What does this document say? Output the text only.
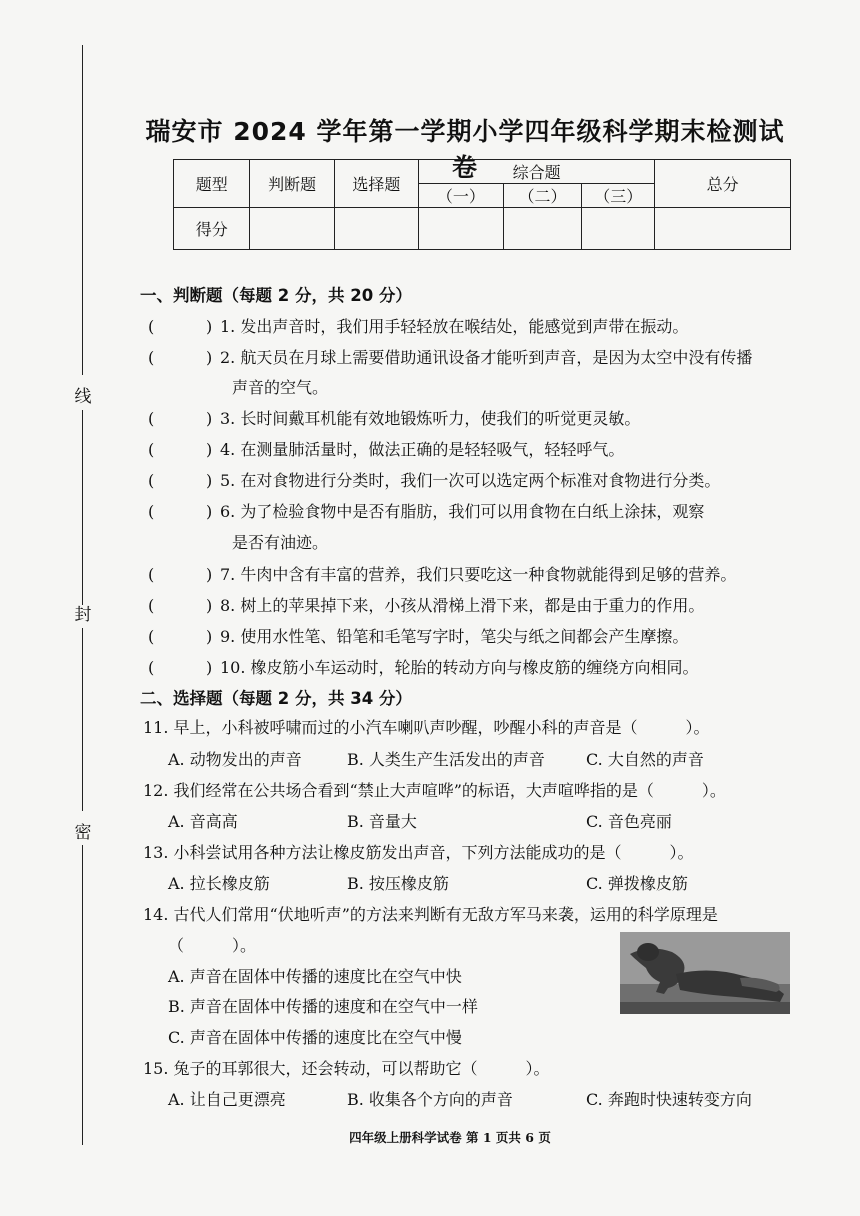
线
封
密
瑞安市 2024 学年第一学期小学四年级科学期末检测试卷
题型	判断题	选择题	综合题			总分
			（一）	（二）	（三）	
得分						
一、判断题（每题 2 分，共 20 分）
(	) 1. 发出声音时，我们用手轻轻放在喉结处，能感觉到声带在振动。
(	) 2. 航天员在月球上需要借助通讯设备才能听到声音，是因为太空中没有传播
声音的空气。
(	) 3. 长时间戴耳机能有效地锻炼听力，使我们的听觉更灵敏。
(	) 4. 在测量肺活量时，做法正确的是轻轻吸气，轻轻呼气。
(	) 5. 在对食物进行分类时，我们一次可以选定两个标准对食物进行分类。
(	) 6. 为了检验食物中是否有脂肪，我们可以用食物在白纸上涂抹，观察
是否有油迹。
(	) 7. 牛肉中含有丰富的营养，我们只要吃这一种食物就能得到足够的营养。
(	) 8. 树上的苹果掉下来，小孩从滑梯上滑下来，都是由于重力的作用。
(	) 9. 使用水性笔、铅笔和毛笔写字时，笔尖与纸之间都会产生摩擦。
(	) 10. 橡皮筋小车运动时，轮胎的转动方向与橡皮筋的缠绕方向相同。
二、选择题（每题 2 分，共 34 分）
11. 早上，小科被呼啸而过的小汽车喇叭声吵醒，吵醒小科的声音是（　　　）。
A. 动物发出的声音	B. 人类生产生活发出的声音	C. 大自然的声音
12. 我们经常在公共场合看到“禁止大声喧哗”的标语，大声喧哗指的是（　　　）。
A. 音高高	B. 音量大	C. 音色亮丽
13. 小科尝试用各种方法让橡皮筋发出声音，下列方法能成功的是（　　　）。
A. 拉长橡皮筋	B. 按压橡皮筋	C. 弹拨橡皮筋
14. 古代人们常用“伏地听声”的方法来判断有无敌方军马来袭，运用的科学原理是
（　　　）。
A. 声音在固体中传播的速度比在空气中快
B. 声音在固体中传播的速度和在空气中一样
C. 声音在固体中传播的速度比在空气中慢
15. 兔子的耳郭很大，还会转动，可以帮助它（　　　）。
A. 让自己更漂亮	B. 收集各个方向的声音	C. 奔跑时快速转变方向
四年级上册科学试卷 第 1 页共 6 页
